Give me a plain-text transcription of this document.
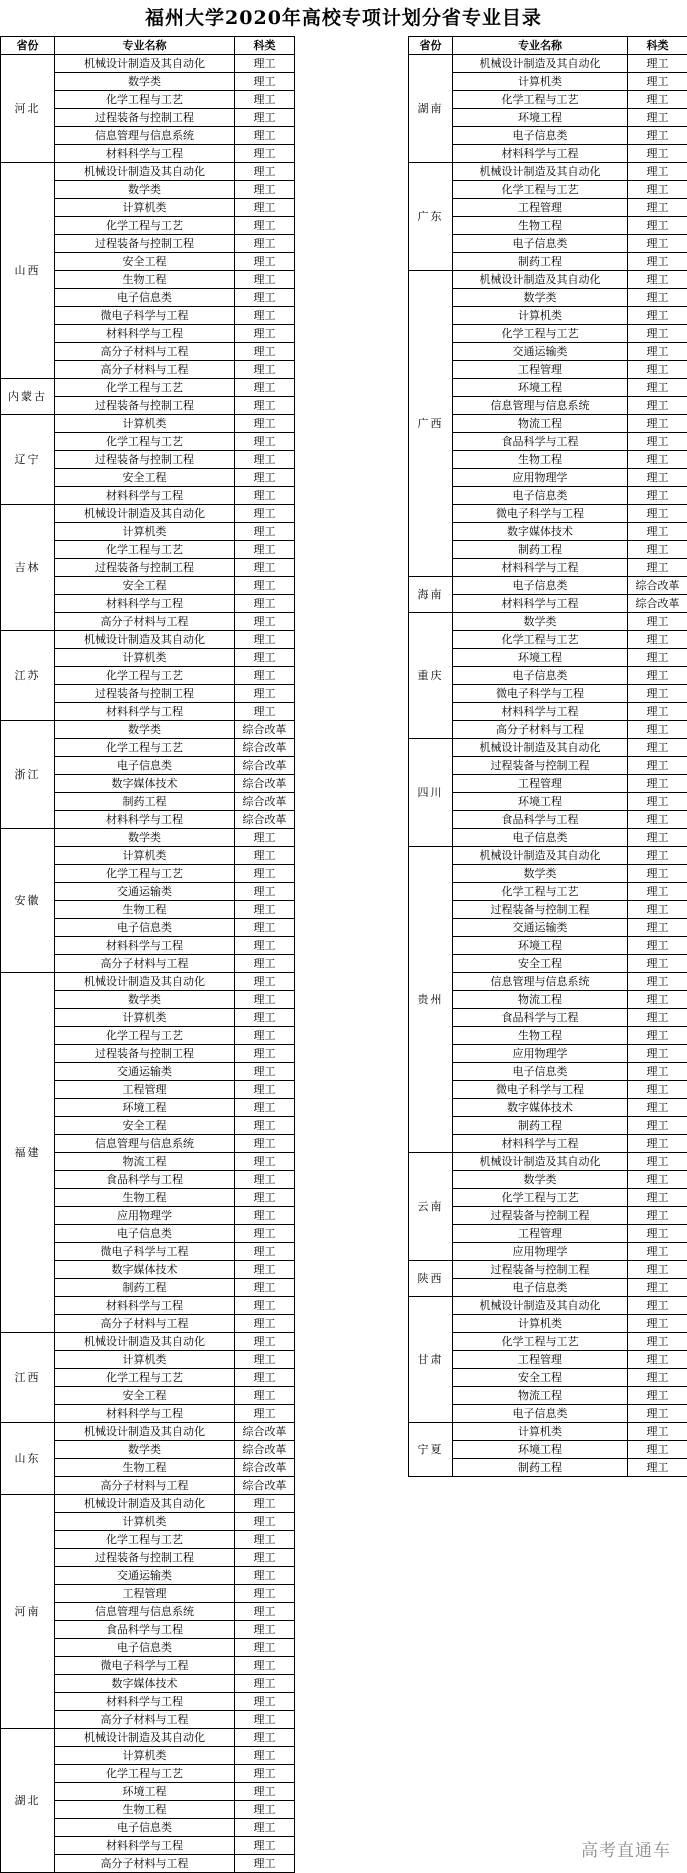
福州大学2020年高校专项计划分省专业目录
省份	专业名称	科类
河北	机械设计制造及其自动化	理工
	数学类	理工
	化学工程与工艺	理工
	过程装备与控制工程	理工
	信息管理与信息系统	理工
	材料科学与工程	理工
山西	机械设计制造及其自动化	理工
	数学类	理工
	计算机类	理工
	化学工程与工艺	理工
	过程装备与控制工程	理工
	安全工程	理工
	生物工程	理工
	电子信息类	理工
	微电子科学与工程	理工
	材料科学与工程	理工
	高分子材料与工程	理工
	高分子材料与工程	理工
内蒙古	化学工程与工艺	理工
	过程装备与控制工程	理工
辽宁	计算机类	理工
	化学工程与工艺	理工
	过程装备与控制工程	理工
	安全工程	理工
	材料科学与工程	理工
吉林	机械设计制造及其自动化	理工
	计算机类	理工
	化学工程与工艺	理工
	过程装备与控制工程	理工
	安全工程	理工
	材料科学与工程	理工
	高分子材料与工程	理工
江苏	机械设计制造及其自动化	理工
	计算机类	理工
	化学工程与工艺	理工
	过程装备与控制工程	理工
	材料科学与工程	理工
浙江	数学类	综合改革
	化学工程与工艺	综合改革
	电子信息类	综合改革
	数字媒体技术	综合改革
	制药工程	综合改革
	材料科学与工程	综合改革
安徽	数学类	理工
	计算机类	理工
	化学工程与工艺	理工
	交通运输类	理工
	生物工程	理工
	电子信息类	理工
	材料科学与工程	理工
	高分子材料与工程	理工
福建	机械设计制造及其自动化	理工
	数学类	理工
	计算机类	理工
	化学工程与工艺	理工
	过程装备与控制工程	理工
	交通运输类	理工
	工程管理	理工
	环境工程	理工
	安全工程	理工
	信息管理与信息系统	理工
	物流工程	理工
	食品科学与工程	理工
	生物工程	理工
	应用物理学	理工
	电子信息类	理工
	微电子科学与工程	理工
	数字媒体技术	理工
	制药工程	理工
	材料科学与工程	理工
	高分子材料与工程	理工
江西	机械设计制造及其自动化	理工
	计算机类	理工
	化学工程与工艺	理工
	安全工程	理工
	材料科学与工程	理工
山东	机械设计制造及其自动化	综合改革
	数学类	综合改革
	生物工程	综合改革
	高分子材料与工程	综合改革
河南	机械设计制造及其自动化	理工
	计算机类	理工
	化学工程与工艺	理工
	过程装备与控制工程	理工
	交通运输类	理工
	工程管理	理工
	信息管理与信息系统	理工
	食品科学与工程	理工
	电子信息类	理工
	微电子科学与工程	理工
	数字媒体技术	理工
	材料科学与工程	理工
	高分子材料与工程	理工
湖北	机械设计制造及其自动化	理工
	计算机类	理工
	化学工程与工艺	理工
	环境工程	理工
	生物工程	理工
	电子信息类	理工
	材料科学与工程	理工
	高分子材料与工程	理工
省份	专业名称	科类
湖南	机械设计制造及其自动化	理工
	计算机类	理工
	化学工程与工艺	理工
	环境工程	理工
	电子信息类	理工
	材料科学与工程	理工
广东	机械设计制造及其自动化	理工
	化学工程与工艺	理工
	工程管理	理工
	生物工程	理工
	电子信息类	理工
	制药工程	理工
广西	机械设计制造及其自动化	理工
	数学类	理工
	计算机类	理工
	化学工程与工艺	理工
	交通运输类	理工
	工程管理	理工
	环境工程	理工
	信息管理与信息系统	理工
	物流工程	理工
	食品科学与工程	理工
	生物工程	理工
	应用物理学	理工
	电子信息类	理工
	微电子科学与工程	理工
	数字媒体技术	理工
	制药工程	理工
	材料科学与工程	理工
海南	电子信息类	综合改革
	材料科学与工程	综合改革
重庆	数学类	理工
	化学工程与工艺	理工
	环境工程	理工
	电子信息类	理工
	微电子科学与工程	理工
	材料科学与工程	理工
	高分子材料与工程	理工
四川	机械设计制造及其自动化	理工
	过程装备与控制工程	理工
	工程管理	理工
	环境工程	理工
	食品科学与工程	理工
	电子信息类	理工
贵州	机械设计制造及其自动化	理工
	数学类	理工
	化学工程与工艺	理工
	过程装备与控制工程	理工
	交通运输类	理工
	环境工程	理工
	安全工程	理工
	信息管理与信息系统	理工
	物流工程	理工
	食品科学与工程	理工
	生物工程	理工
	应用物理学	理工
	电子信息类	理工
	微电子科学与工程	理工
	数字媒体技术	理工
	制药工程	理工
	材料科学与工程	理工
云南	机械设计制造及其自动化	理工
	数学类	理工
	化学工程与工艺	理工
	过程装备与控制工程	理工
	工程管理	理工
	应用物理学	理工
陕西	过程装备与控制工程	理工
	电子信息类	理工
甘肃	机械设计制造及其自动化	理工
	计算机类	理工
	化学工程与工艺	理工
	工程管理	理工
	安全工程	理工
	物流工程	理工
	电子信息类	理工
宁夏	计算机类	理工
	环境工程	理工
	制药工程	理工
高考直通车
